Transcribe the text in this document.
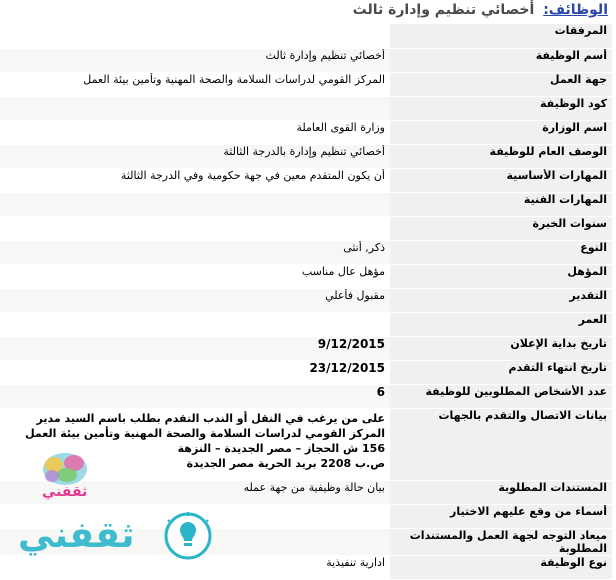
الوظائف: أخصائي تنظيم وإدارة ثالث
المرفقات	
أسم الوظيفة	أخصائي تنظيم وإدارة ثالث
جهة العمل	المركز القومي لدراسات السلامة والصحة المهنية وتأمين بيئة العمل
كود الوظيفة	
اسم الوزارة	وزارة القوى العاملة
الوصف العام للوظيفة	أخصائي تنظيم وإدارة بالدرجة الثالثة
المهارات الأساسية	أن يكون المتقدم معين في جهة حكومية وفي الدرجة الثالثة
المهارات الفنية	
سنوات الخبرة	
النوع	ذكر, أنثى
المؤهل	مؤهل عال مناسب
التقدير	مقبول فأعلي
العمر	
تاريخ بداية الإعلان	9/12/2015
تاريخ انتهاء التقدم	23/12/2015
عدد الأشخاص المطلوبين للوظيفة	6
بيانات الاتصال والتقدم بالجهات	على من يرغب في النقل أو الندب التقدم بطلب باسم السيد مدير المركز القومي لدراسات السلامة والصحة المهنية وتأمين بيئة العمل 156 ش الحجاز – مصر الجديدة – النزهة
ص.ب 2208 بريد الحرية مصر الجديدة

المستندات المطلوبة	بيان حالة وظيفية من جهة عمله
أسماء من وقع عليهم الاختيار	
ميعاد التوجه لجهة العمل والمستندات المطلوبة	
نوع الوظيفة	ادارية تنفيذية
ثقفني
ثقفني
